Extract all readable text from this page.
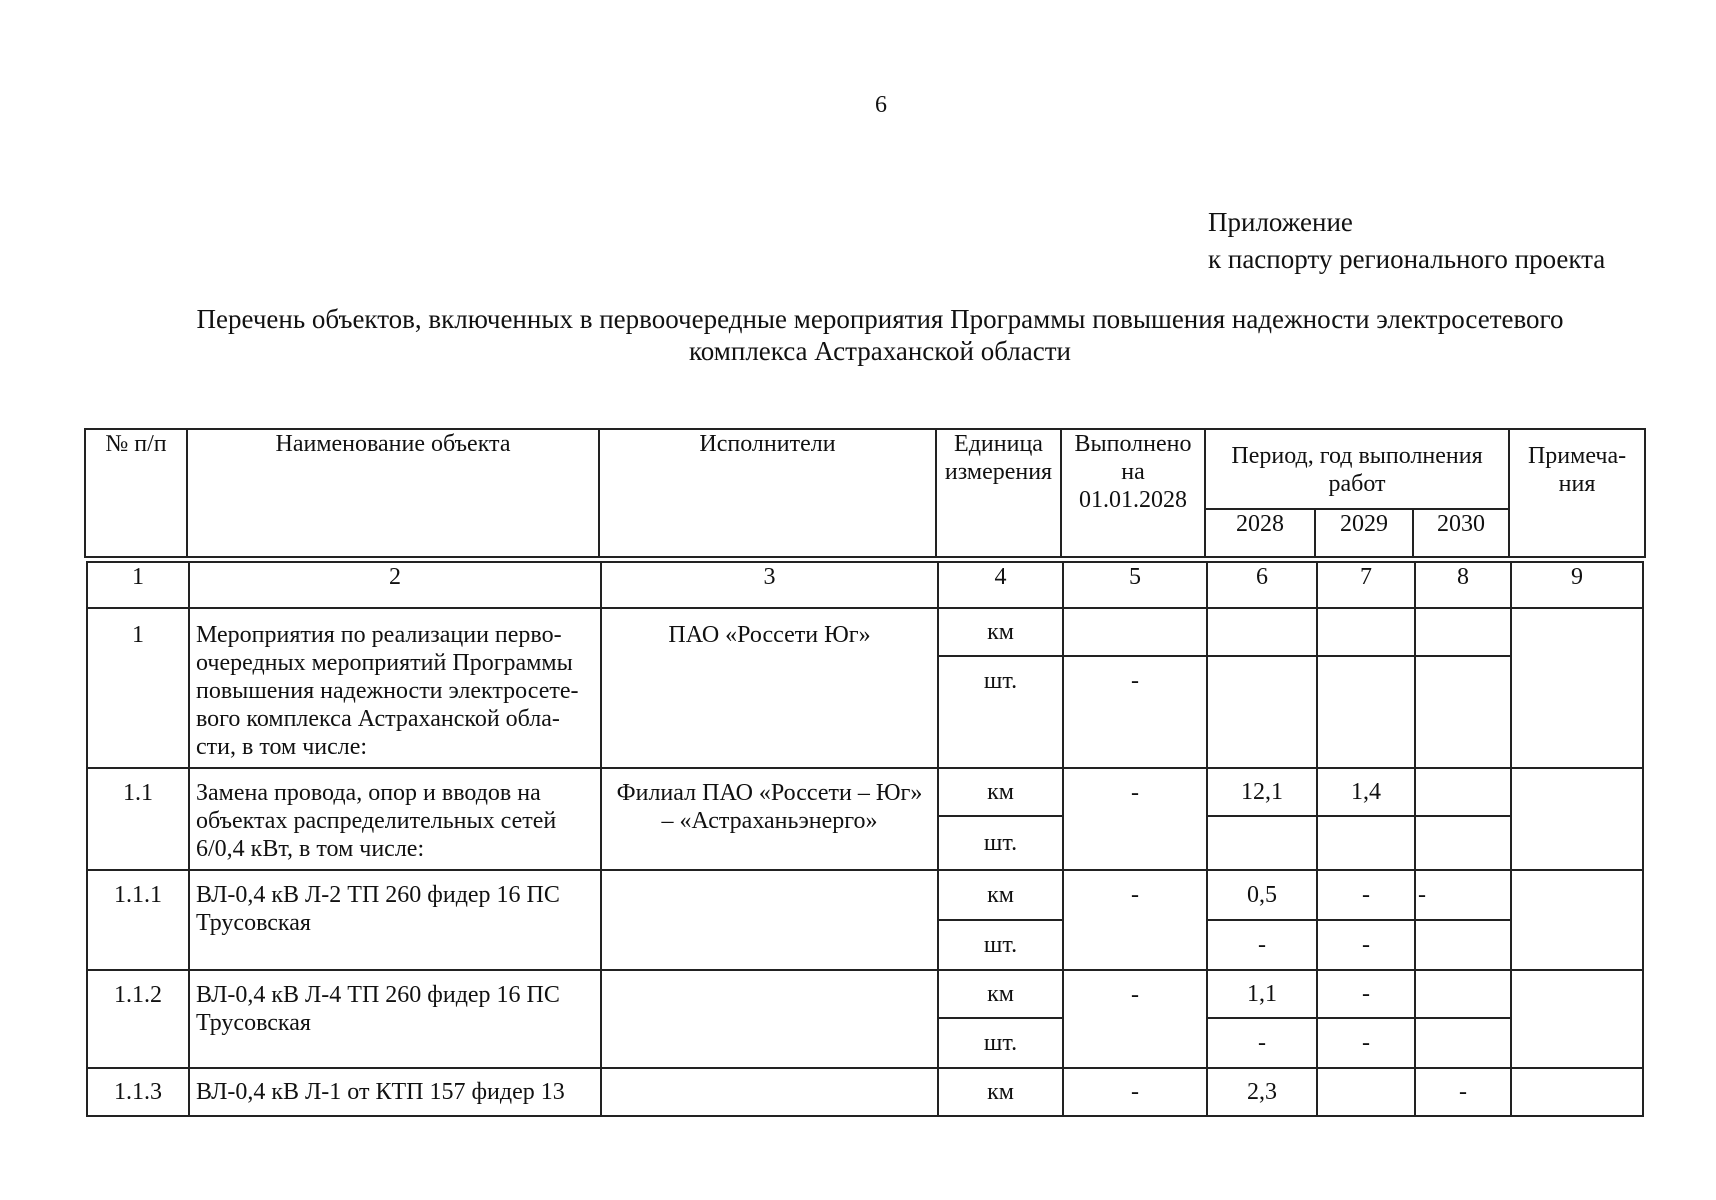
6
Приложение
к паспорту регионального проекта
Перечень объектов, включенных в первоочередные мероприятия Программы повышения надежности электросетевого
комплекса Астраханской области
№ п/п	Наименование объекта	Исполнители	Единица измерения	Выполнено на 01.01.2028	Период, год выполнения работ			Примеча-ния
					2028	2029	2030	
1	2	3	4	5	6	7	8	9
1	Мероприятия по реализации перво-очередных мероприятий Программы повышения надежности электросете-вого комплекса Астраханской обла-сти, в том числе:	ПАО «Россети Юг»	км					
			шт.	-				
1.1	Замена провода, опор и вводов на объектах распределительных сетей 6/0,4 кВт, в том числе:	Филиал ПАО «Россети – Юг» – «Астраханьэнерго»	км	-	12,1	1,4		
			шт.					
1.1.1	ВЛ-0,4 кВ Л-2 ТП 260 фидер 16 ПС Трусовская		км	-	0,5	-	-	
			шт.		-	-		
1.1.2	ВЛ-0,4 кВ Л-4 ТП 260 фидер 16 ПС Трусовская		км	-	1,1	-		
			шт.		-	-		
1.1.3	ВЛ-0,4 кВ Л-1 от КТП 157 фидер 13		км	-	2,3		-	
